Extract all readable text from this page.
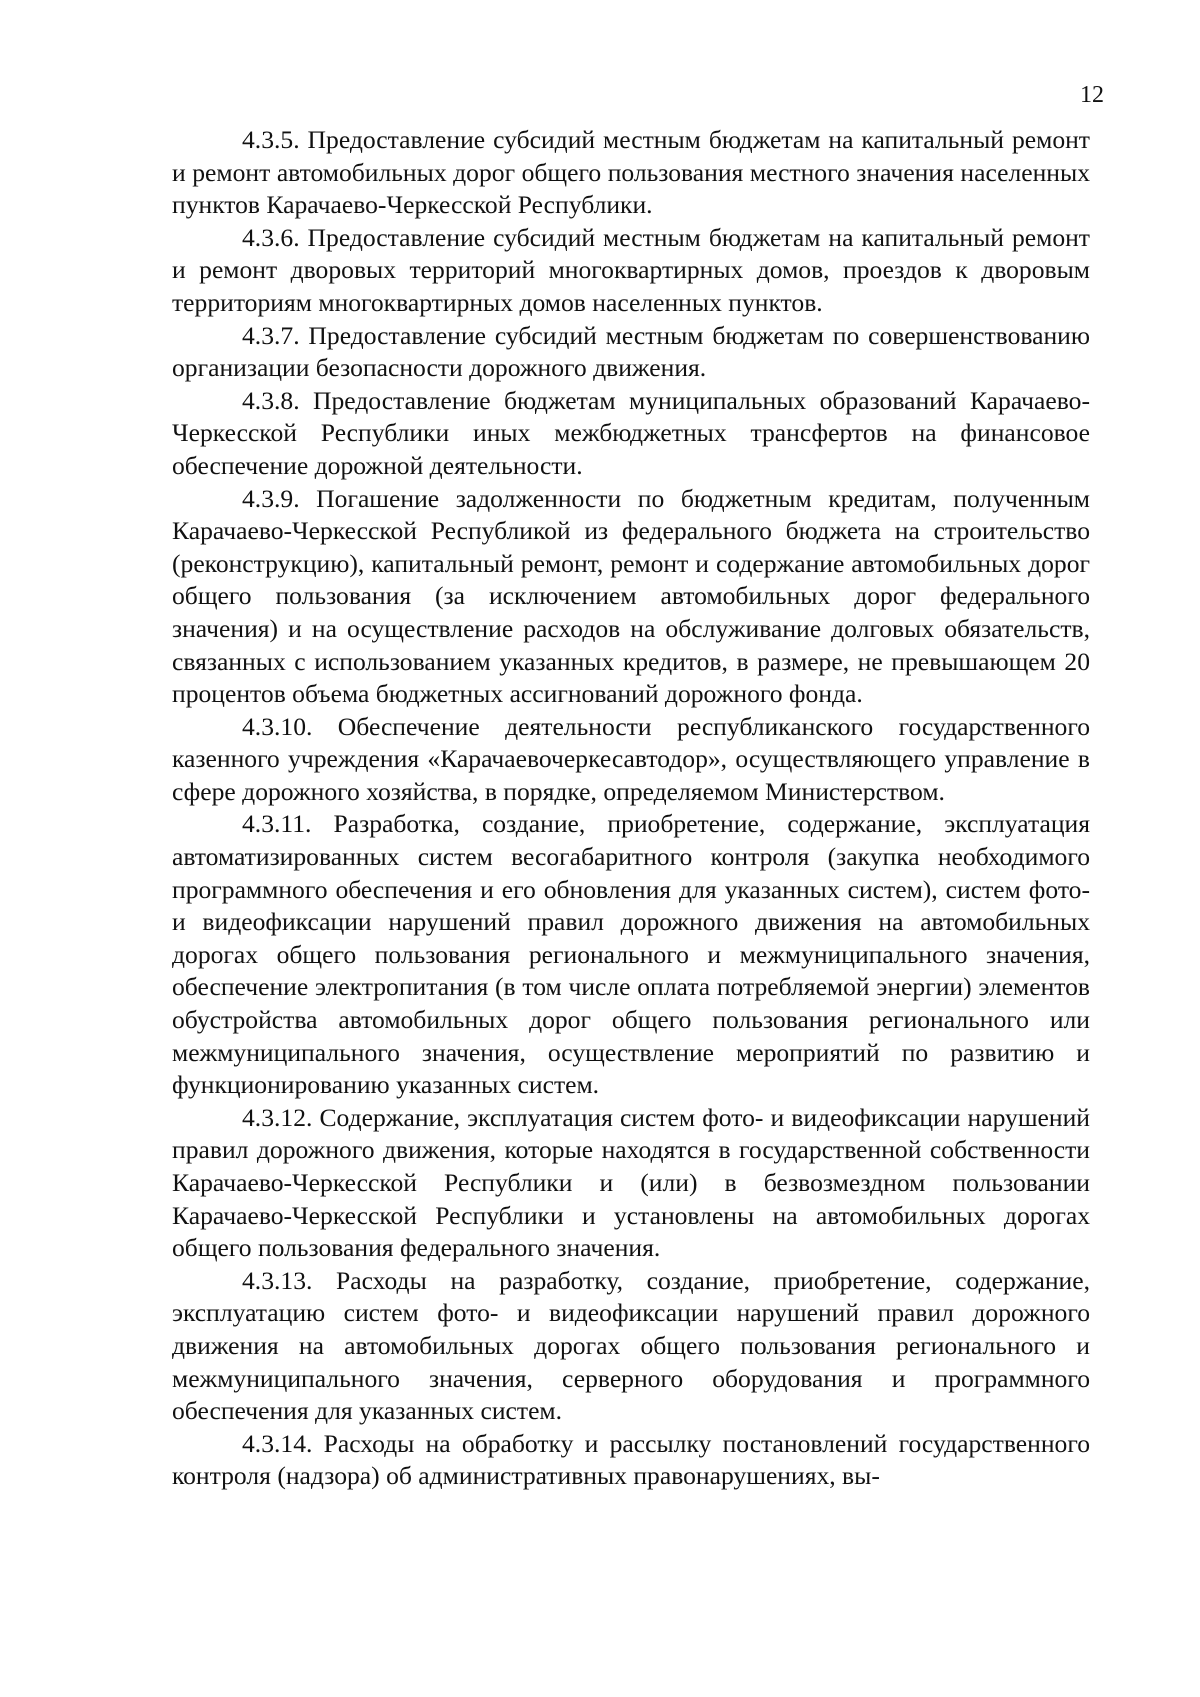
12

4.3.5. Предоставление субсидий местным бюджетам на капитальный ремонт и ремонт автомобильных дорог общего пользования местного значения населенных пунктов Карачаево-Черкесской Республики.

4.3.6. Предоставление субсидий местным бюджетам на капитальный ремонт и ремонт дворовых территорий многоквартирных домов, проездов к дворовым территориям многоквартирных домов населенных пунктов.

4.3.7. Предоставление субсидий местным бюджетам по совершенствованию организации безопасности дорожного движения.

4.3.8. Предоставление бюджетам муниципальных образований Карачаево-Черкесской Республики иных межбюджетных трансфертов на финансовое обеспечение дорожной деятельности.

4.3.9. Погашение задолженности по бюджетным кредитам, полученным Карачаево-Черкесской Республикой из федерального бюджета на строительство (реконструкцию), капитальный ремонт, ремонт и содержание автомобильных дорог общего пользования (за исключением автомобильных дорог федерального значения) и на осуществление расходов на обслуживание долговых обязательств, связанных с использованием указанных кредитов, в размере, не превышающем 20 процентов объема бюджетных ассигнований дорожного фонда.

4.3.10. Обеспечение деятельности республиканского государственного казенного учреждения «Карачаевочеркесавтодор», осуществляющего управление в сфере дорожного хозяйства, в порядке, определяемом Министерством.

4.3.11. Разработка, создание, приобретение, содержание, эксплуатация автоматизированных систем весогабаритного контроля (закупка необходимого программного обеспечения и его обновления для указанных систем), систем фото- и видеофиксации нарушений правил дорожного движения на автомобильных дорогах общего пользования регионального и межмуниципального значения, обеспечение электропитания (в том числе оплата потребляемой энергии) элементов обустройства автомобильных дорог общего пользования регионального или межмуниципального значения, осуществление мероприятий по развитию и функционированию указанных систем.

4.3.12. Содержание, эксплуатация систем фото- и видеофиксации нарушений правил дорожного движения, которые находятся в государственной собственности Карачаево-Черкесской Республики и (или) в безвозмездном пользовании Карачаево-Черкесской Республики и установлены на автомобильных дорогах общего пользования федерального значения.

4.3.13. Расходы на разработку, создание, приобретение, содержание, эксплуатацию систем фото- и видеофиксации нарушений правил дорожного движения на автомобильных дорогах общего пользования регионального и межмуниципального значения, серверного оборудования и программного обеспечения для указанных систем.

4.3.14. Расходы на обработку и рассылку постановлений государственного контроля (надзора) об административных правонарушениях, вы-
